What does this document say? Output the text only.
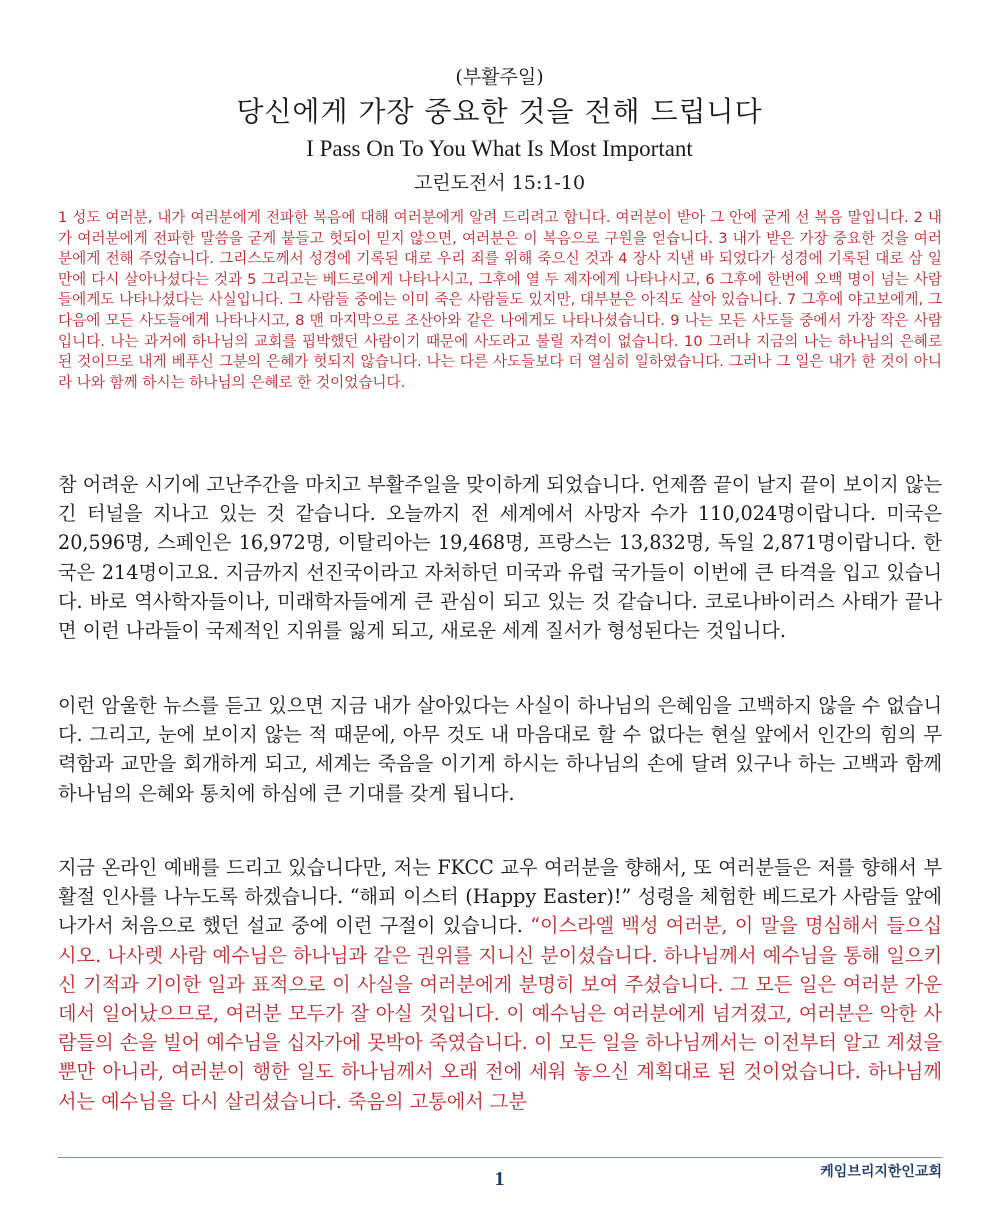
(부활주일)
당신에게 가장 중요한 것을 전해 드립니다
I Pass On To You What Is Most Important
고린도전서 15:1-10

1 성도 여러분, 내가 여러분에게 전파한 복음에 대해 여러분에게 알려 드리려고 합니다. 여러분이 받아 그 안에 굳게 선 복음 말입니다. 2 내가 여러분에게 전파한 말씀을 굳게 붙들고 헛되이 믿지 않으면, 여러분은 이 복음으로 구원을 얻습니다. 3 내가 받은 가장 중요한 것을 여러분에게 전해 주었습니다. 그리스도께서 성경에 기록된 대로 우리 죄를 위해 죽으신 것과 4 장사 지낸 바 되었다가 성경에 기록된 대로 삼 일 만에 다시 살아나셨다는 것과 5 그리고는 베드로에게 나타나시고, 그후에 열 두 제자에게 나타나시고, 6 그후에 한번에 오백 명이 넘는 사람들에게도 나타나셨다는 사실입니다. 그 사람들 중에는 이미 죽은 사람들도 있지만, 대부분은 아직도 살아 있습니다. 7 그후에 야고보에게, 그 다음에 모든 사도들에게 나타나시고, 8 맨 마지막으로 조산아와 같은 나에게도 나타나셨습니다. 9 나는 모든 사도들 중에서 가장 작은 사람입니다. 나는 과거에 하나님의 교회를 핍박했던 사람이기 때문에 사도라고 불릴 자격이 없습니다. 10 그러나 지금의 나는 하나님의 은혜로 된 것이므로 내게 베푸신 그분의 은혜가 헛되지 않습니다. 나는 다른 사도들보다 더 열심히 일하였습니다. 그러나 그 일은 내가 한 것이 아니라 나와 함께 하시는 하나님의 은혜로 한 것이었습니다.

참 어려운 시기에 고난주간을 마치고 부활주일을 맞이하게 되었습니다. 언제쯤 끝이 날지 끝이 보이지 않는 긴 터널을 지나고 있는 것 같습니다. 오늘까지 전 세계에서 사망자 수가 110,024명이랍니다. 미국은 20,596명, 스페인은 16,972명, 이탈리아는 19,468명, 프랑스는 13,832명, 독일 2,871명이랍니다. 한국은 214명이고요. 지금까지 선진국이라고 자처하던 미국과 유럽 국가들이 이번에 큰 타격을 입고 있습니다. 바로 역사학자들이나, 미래학자들에게 큰 관심이 되고 있는 것 같습니다. 코로나바이러스 사태가 끝나면 이런 나라들이 국제적인 지위를 잃게 되고, 새로운 세계 질서가 형성된다는 것입니다.

이런 암울한 뉴스를 듣고 있으면 지금 내가 살아있다는 사실이 하나님의 은혜임을 고백하지 않을 수 없습니다. 그리고, 눈에 보이지 않는 적 때문에, 아무 것도 내 마음대로 할 수 없다는 현실 앞에서 인간의 힘의 무력함과 교만을 회개하게 되고, 세계는 죽음을 이기게 하시는 하나님의 손에 달려 있구나 하는 고백과 함께 하나님의 은혜와 통치에 하심에 큰 기대를 갖게 됩니다.

지금 온라인 예배를 드리고 있습니다만, 저는 FKCC 교우 여러분을 향해서, 또 여러분들은 저를 향해서 부활절 인사를 나누도록 하겠습니다. “해피 이스터 (Happy Easter)!” 성령을 체험한 베드로가 사람들 앞에 나가서 처음으로 했던 설교 중에 이런 구절이 있습니다. “이스라엘 백성 여러분, 이 말을 명심해서 들으십시오. 나사렛 사람 예수님은 하나님과 같은 권위를 지니신 분이셨습니다. 하나님께서 예수님을 통해 일으키신 기적과 기이한 일과 표적으로 이 사실을 여러분에게 분명히 보여 주셨습니다. 그 모든 일은 여러분 가운데서 일어났으므로, 여러분 모두가 잘 아실 것입니다. 이 예수님은 여러분에게 넘겨졌고, 여러분은 악한 사람들의 손을 빌어 예수님을 십자가에 못박아 죽였습니다. 이 모든 일을 하나님께서는 이전부터 알고 계셨을 뿐만 아니라, 여러분이 행한 일도 하나님께서 오래 전에 세워 놓으신 계획대로 된 것이었습니다. 하나님께서는 예수님을 다시 살리셨습니다. 죽음의 고통에서 그분

1	케임브리지한인교회
